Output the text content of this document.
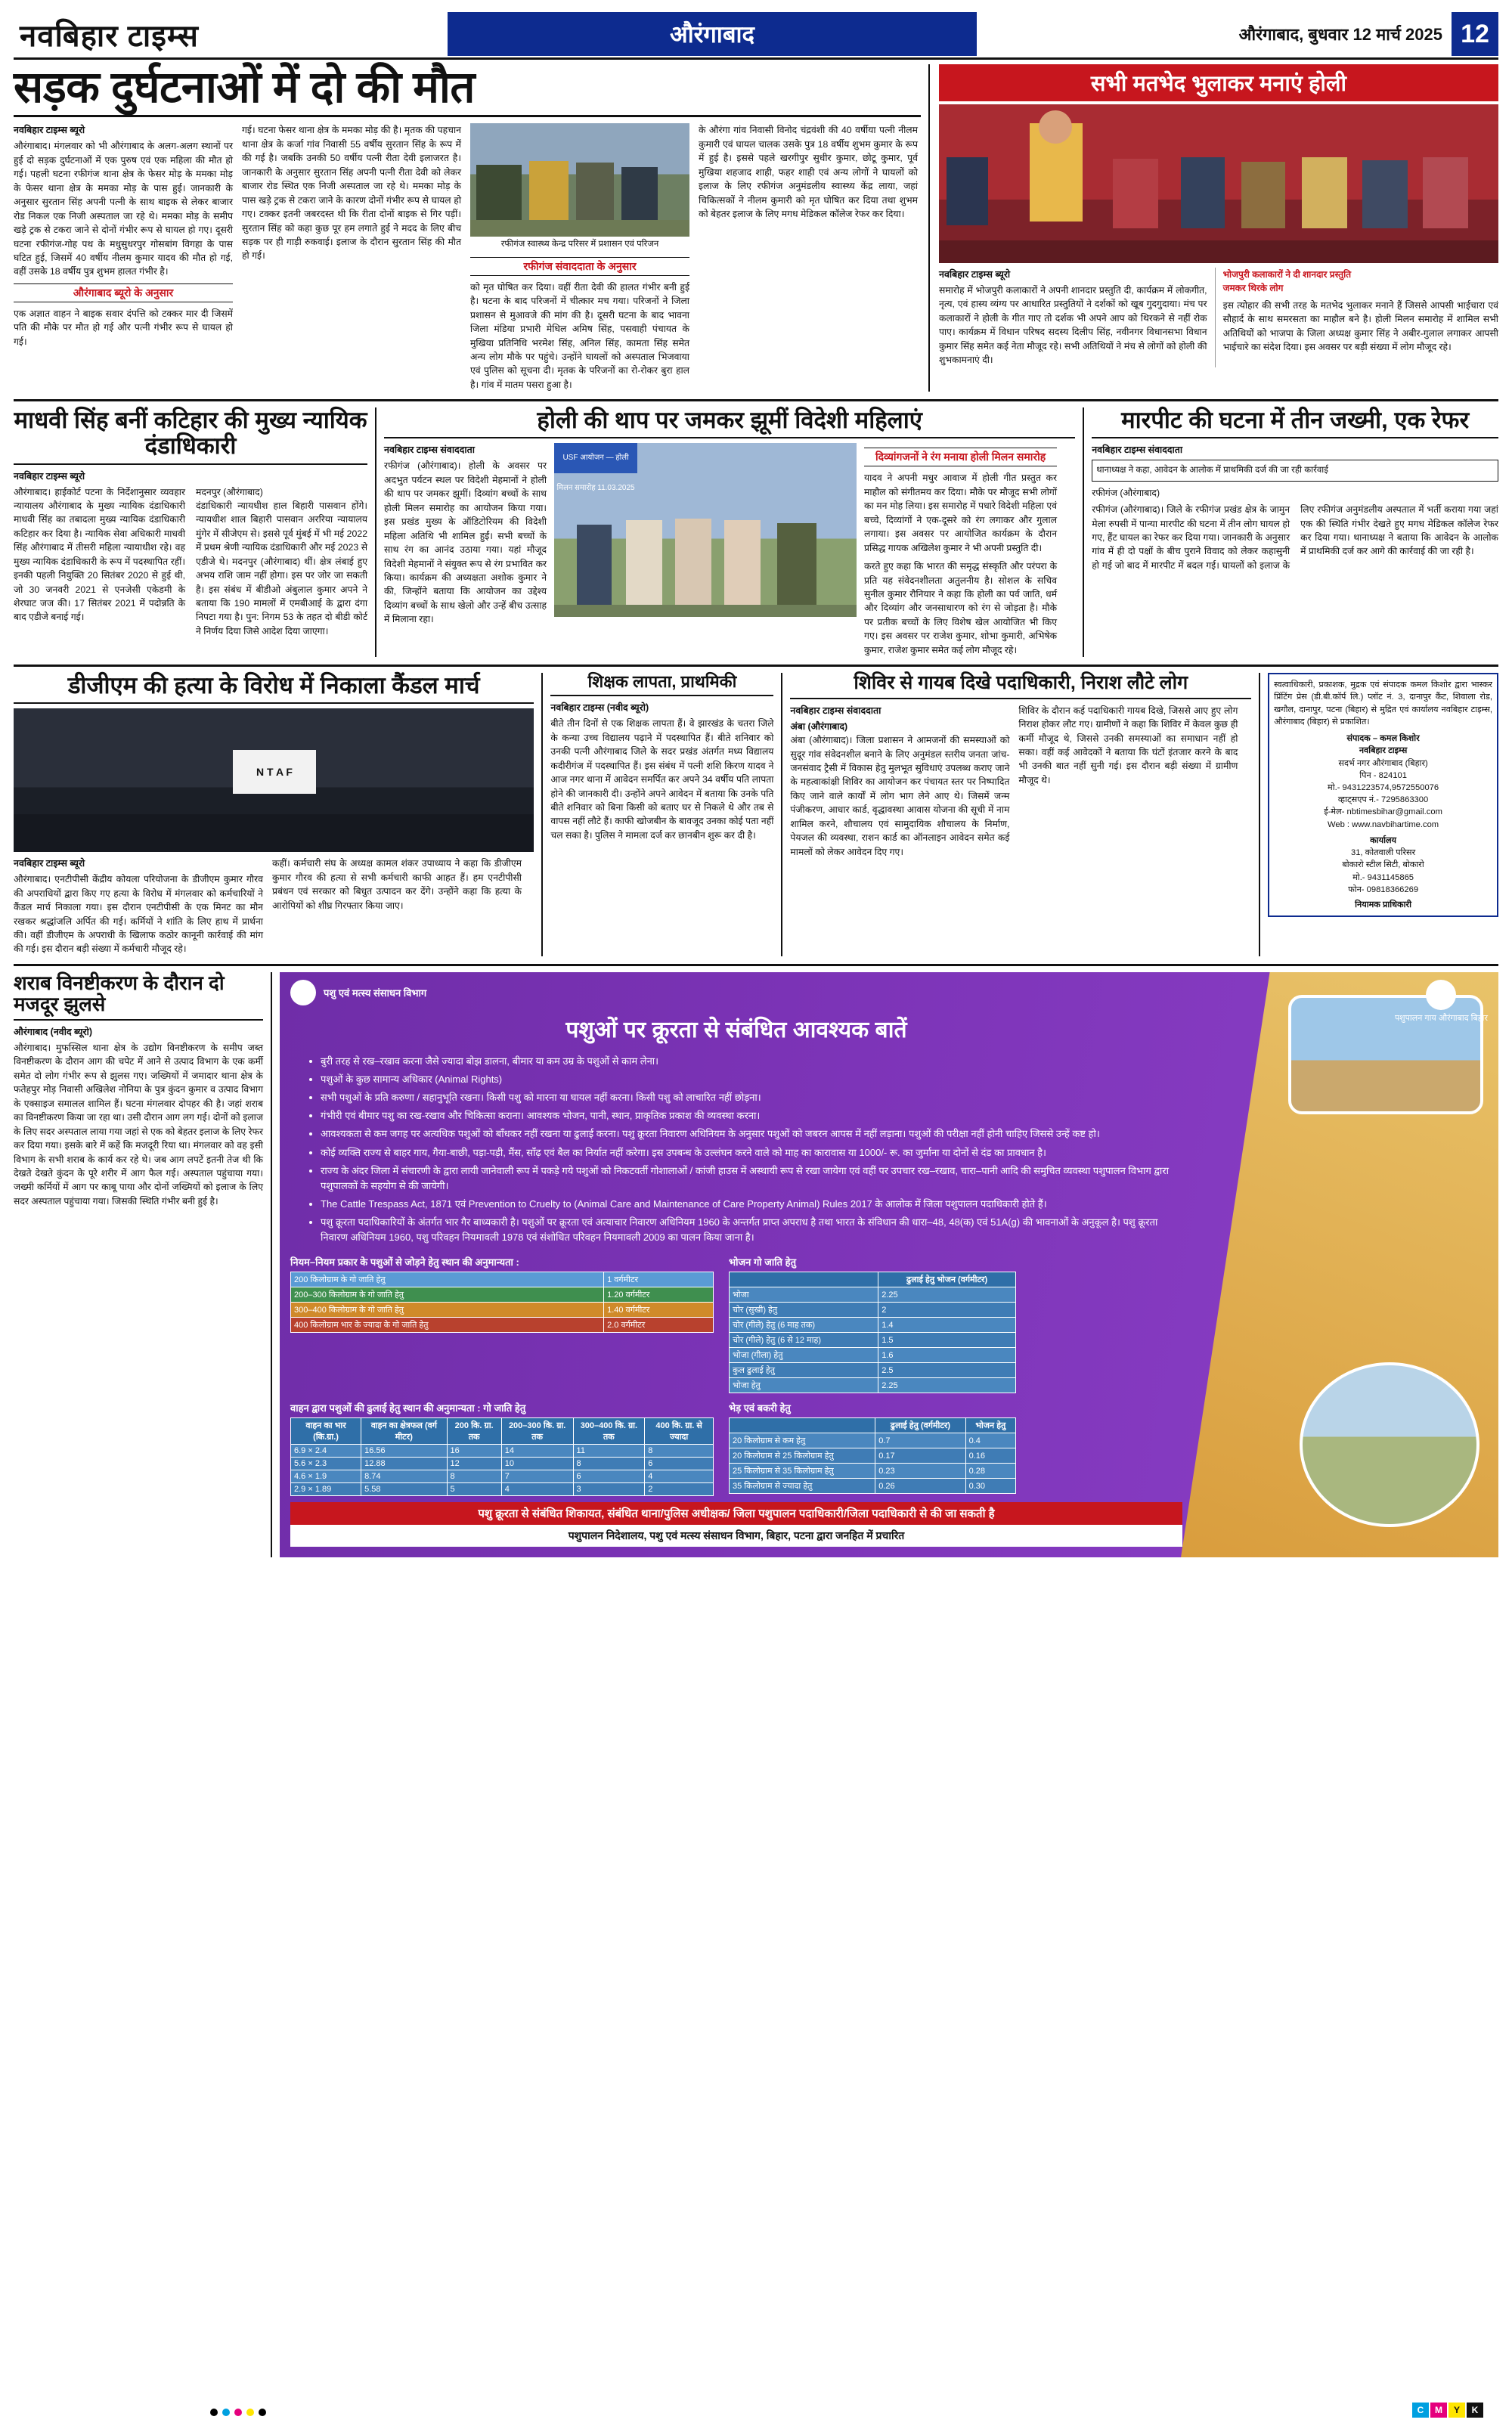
नवबिहार टाइम्स	औरंगाबाद	औरंगाबाद, बुधवार 12 मार्च 2025 12
सड़क दुर्घटनाओं में दो की मौत
नवबिहार टाइम्स ब्यूरो
औरंगाबाद। मंगलवार को भी औरंगाबाद के अलग-अलग स्थानों पर हुई दो सड़क दुर्घटनाओं में एक पुरुष एवं एक महिला की मौत हो गई। पहली घटना रफीगंज थाना क्षेत्र के फेसर मोड़ के ममका मोड़ के फेसर थाना क्षेत्र के ममका मोड़ के पास हुई। जानकारी के अनुसार सुरतान सिंह अपनी पत्नी के साथ बाइक से लेकर बाजार रोड निकल एक निजी अस्पताल जा रहे थे। ममका मोड़ के समीप खड़े ट्रक से टकरा जाने से दोनों गंभीर रूप से घायल हो गए। दूसरी घटना रफीगंज-गोह पथ के मधुसुधरपुर गोसबांग विगहा के पास घटित हुई, जिसमें 40 वर्षीय नीलम कुमार यादव की मौत हो गई, वहीं उसके 18 वर्षीय पुत्र शुभम हालत गंभीर है।
औरंगाबाद ब्यूरो के अनुसार
एक अज्ञात वाहन ने बाइक सवार दंपत्ति को टक्कर मार दी जिसमें पति की मौके पर मौत हो गई और पत्नी गंभीर रूप से घायल हो गई।
गई। घटना फेसर थाना क्षेत्र के ममका मोड़ की है। मृतक की पहचान थाना क्षेत्र के कर्जा गांव निवासी 55 वर्षीय सुरतान सिंह के रूप में की गई है। जबकि उनकी 50 वर्षीय पत्नी रीता देवी इलाजरत है। जानकारी के अनुसार सुरतान सिंह अपनी पत्नी रीता देवी को लेकर बाजार रोड स्थित एक निजी अस्पताल जा रहे थे। ममका मोड़ के पास खड़े ट्रक से टकरा जाने के कारण दोनों गंभीर रूप से घायल हो गए। टक्कर इतनी जबरदस्त थी कि रीता दोनों बाइक से गिर पड़ीं। सुरतान सिंह को कहा कुछ पूर हम लगाते हुई ने मदद के लिए बीच सड़क पर ही गाड़ी रुकवाई। इलाज के दौरान सुरतान सिंह की मौत हो गई।
रफीगंज स्वास्थ्य केन्द्र परिसर में प्रशासन एवं परिजन
रफीगंज संवाददाता के अनुसार
को मृत घोषित कर दिया। वहीं रीता देवी की हालत गंभीर बनी हुई है। घटना के बाद परिजनों में चीत्कार मच गया। परिजनों ने जिला प्रशासन से मुआवजे की मांग की है। दूसरी घटना के बाद भावना जिला मंडिया प्रभारी मेधिल अमिष सिंह, पसवाही पंचायत के मुखिया प्रतिनिधि भरमेश सिंह, अनिल सिंह, कामता सिंह समेत अन्य लोग मौके पर पहुंचे। उन्होंने घायलों को अस्पताल भिजवाया एवं पुलिस को सूचना दी। मृतक के परिजनों का रो-रोकर बुरा हाल है। गांव में मातम पसरा हुआ है।
के औरंगा गांव निवासी विनोद चंद्रवंशी की 40 वर्षीया पत्नी नीलम कुमारी एवं घायल चालक उसके पुत्र 18 वर्षीय शुभम कुमार के रूप में हुई है। इससे पहले खरगीपुर सुधीर कुमार, छोटू कुमार, पूर्व मुखिया शहजाद शाही, फहर शाही एवं अन्य लोगों ने घायलों को इलाज के लिए रफीगंज अनुमंडलीय स्वास्थ्य केंद्र लाया, जहां चिकित्सकों ने नीलम कुमारी को मृत घोषित कर दिया तथा शुभम को बेहतर इलाज के लिए मगध मेडिकल कॉलेज रेफर कर दिया।
सभी मतभेद भुलाकर मनाएं होली
नवबिहार टाइम्स ब्यूरो
समारोह में भोजपुरी कलाकारों ने अपनी शानदार प्रस्तुति दी, कार्यक्रम में लोकगीत, नृत्य, एवं हास्य व्यंग्य पर आधारित प्रस्तुतियों ने दर्शकों को खूब गुदगुदाया। मंच पर कलाकारों ने होली के गीत गाए तो दर्शक भी अपने आप को थिरकने से नहीं रोक पाए। कार्यक्रम में विधान परिषद सदस्य दिलीप सिंह, नवीनगर विधानसभा विधान कुमार सिंह समेत कई नेता मौजूद रहे। सभी अतिथियों ने मंच से लोगों को होली की शुभकामनाएं दी।
भोजपुरी कलाकारों ने दी शानदार प्रस्तुति
जमकर थिरके लोग
इस त्योहार की सभी तरह के मतभेद भुलाकर मनाने हैं जिससे आपसी भाईचारा एवं सौहार्द के साथ समरसता का माहौल बने है। होली मिलन समारोह में शामिल सभी अतिथियों को भाजपा के जिला अध्यक्ष कुमार सिंह ने अबीर-गुलाल लगाकर आपसी भाईचारे का संदेश दिया। इस अवसर पर बड़ी संख्या में लोग मौजूद रहे।
माधवी सिंह बनीं कटिहार की मुख्य न्यायिक दंडाधिकारी
नवबिहार टाइम्स ब्यूरो
औरंगाबाद। हाईकोर्ट पटना के निर्देशानुसार व्यवहार न्यायालय औरंगाबाद के मुख्य न्यायिक दंडाधिकारी माधवी सिंह का तबादला मुख्य न्यायिक दंडाधिकारी कटिहार कर दिया है। न्यायिक सेवा अधिकारी माधवी सिंह औरंगाबाद में तीसरी महिला न्यायाधीश रहे। वह मुख्य न्यायिक दंडाधिकारी के रूप में पदस्थापित रहीं। इनकी पहली नियुक्ति 20 सितंबर 2020 से हुई थी, जो 30 जनवरी 2021 से एनजेसी एकेडमी के शेरघाट जज की। 17 सितंबर 2021 में पदोन्नति के बाद एडीजे बनाई गई।
मदनपुर (औरंगाबाद)
दंडाधिकारी न्यायधीश हाल बिहारी पासवान होंगे। न्यायधीश शाल बिहारी पासवान अररिया न्यायालय मुंगेर में सीजेएम से। इससे पूर्व मुंबई में भी मई 2022 में प्रथम श्रेणी न्यायिक दंडाधिकारी और मई 2023 से एडीजे थे। मदनपुर (औरंगाबाद) थीं। क्षेत्र लंबाई हुए अभय राशि जाम नहीं होगा। इस पर जोर जा सकती है। इस संबंध में बीडीओ अंबुलाल कुमार अपने ने बताया कि 190 मामलों में एमबीआई के द्वारा दंगा निपटा गया है। पुन: निगम 53 के तहत दो बीडी कोर्ट ने निर्णय दिया जिसे आदेश दिया जाएगा।
होली की थाप पर जमकर झूमीं विदेशी महिलाएं
नवबिहार टाइम्स संवाददाता
रफीगंज (औरंगाबाद)। होली के अवसर पर अदभुत पर्यटन स्थल पर विदेशी मेहमानों ने होली की थाप पर जमकर झूमीं। दिव्यांग बच्चों के साथ होली मिलन समारोह का आयोजन किया गया। इस प्रखंड मुख्य के ऑडिटोरियम की विदेशी महिला अतिथि भी शामिल हुईं। सभी बच्चों के साथ रंग का आनंद उठाया गया। यहां मौजूद विदेशी मेहमानों ने संयुक्त रूप से रंग प्रभावित कर किया। कार्यक्रम की अध्यक्षता अशोक कुमार ने की, जिन्होंने बताया कि आयोजन का उद्देश्य दिव्यांग बच्चों के साथ खेलो और उन्हें बीच उत्साह में मिलाना रहा।
USF आयोजन — होली मिलन समारोह 11.03.2025
दिव्यांगजनों ने रंग मनाया होली मिलन समारोह
यादव ने अपनी मधुर आवाज में होली गीत प्रस्तुत कर माहौल को संगीतमय कर दिया। मौके पर मौजूद सभी लोगों का मन मोह लिया। इस समारोह में पधारे विदेशी महिला एवं बच्चे, दिव्यांगों ने एक-दूसरे को रंग लगाकर और गुलाल लगाया। इस अवसर पर आयोजित कार्यक्रम के दौरान प्रसिद्ध गायक अखिलेश कुमार ने भी अपनी प्रस्तुति दी।
करते हुए कहा कि भारत की समृद्ध संस्कृति और परंपरा के प्रति यह संवेदनशीलता अतुलनीय है। सोशल के सचिव सुनील कुमार रौनियार ने कहा कि होली का पर्व जाति, धर्म और दिव्यांग और जनसाधारण को रंग से जोड़ता है। मौके पर प्रतीक बच्चों के लिए विशेष खेल आयोजित भी किए गए। इस अवसर पर राजेश कुमार, शोभा कुमारी, अभिषेक कुमार, राजेश कुमार समेत कई लोग मौजूद रहे।
मारपीट की घटना में तीन जख्मी, एक रेफर
नवबिहार टाइम्स संवाददाता
थानाध्यक्ष ने कहा, आवेदन के आलोक में प्राथमिकी दर्ज की जा रही कार्रवाई
रफीगंज (औरंगाबाद)
रफीगंज (औरंगाबाद)। जिले के रफीगंज प्रखंड क्षेत्र के जामुन मेला रुपसी में पान्या मारपीट की घटना में तीन लोग घायल हो गए, हैंट घायल का रेफर कर दिया गया। जानकारी के अनुसार गांव में ही दो पक्षों के बीच पुराने विवाद को लेकर कहासुनी हो गई जो बाद में मारपीट में बदल गई। घायलों को इलाज के लिए रफीगंज अनुमंडलीय अस्पताल में भर्ती कराया गया जहां एक की स्थिति गंभीर देखते हुए मगध मेडिकल कॉलेज रेफर कर दिया गया। थानाध्यक्ष ने बताया कि आवेदन के आलोक में प्राथमिकी दर्ज कर आगे की कार्रवाई की जा रही है।
डीजीएम की हत्या के विरोध में निकाला कैंडल मार्च
N T A F
नवबिहार टाइम्स ब्यूरो
औरंगाबाद। एनटीपीसी केंद्रीय कोयला परियोजना के डीजीएम कुमार गौरव की अपराधियों द्वारा किए गए हत्या के विरोध में मंगलवार को कर्मचारियों ने कैंडल मार्च निकाला गया। इस दौरान एनटीपीसी के एक मिनट का मौन रखकर श्रद्धांजलि अर्पित की गई। कर्मियों ने शांति के लिए हाथ में प्रार्थना की। वहीं डीजीएम के अपराधी के खिलाफ कठोर कानूनी कार्रवाई की मांग की गई। इस दौरान बड़ी संख्या में कर्मचारी मौजूद रहे।
कहीं। कर्मचारी संघ के अध्यक्ष कामल शंकर उपाध्याय ने कहा कि डीजीएम कुमार गौरव की हत्या से सभी कर्मचारी काफी आहत हैं। हम एनटीपीसी प्रबंधन एवं सरकार को बिधुत उत्पादन कर देंगे। उन्होंने कहा कि हत्या के आरोपियों को शीघ्र गिरफ्तार किया जाए।
शिक्षक लापता, प्राथमिकी
नवबिहार टाइम्स (नवीद ब्यूरो)
बीते तीन दिनों से एक शिक्षक लापता हैं। वे झारखंड के चतरा जिले के कन्या उच्च विद्यालय पढ़ाने में पदस्थापित हैं। बीते शनिवार को उनकी पत्नी औरंगाबाद जिले के सदर प्रखंड अंतर्गत मध्य विद्यालय कदीरीगंज में पदस्थापित हैं। इस संबंध में पत्नी शशि किरण यादव ने आज नगर थाना में आवेदन समर्पित कर अपने 34 वर्षीय पति लापता होने की जानकारी दी। उन्होंने अपने आवेदन में बताया कि उनके पति बीते शनिवार को बिना किसी को बताए घर से निकले थे और तब से वापस नहीं लौटे हैं। काफी खोजबीन के बावजूद उनका कोई पता नहीं चल सका है। पुलिस ने मामला दर्ज कर छानबीन शुरू कर दी है।
शिविर से गायब दिखे पदाधिकारी, निराश लौटे लोग
नवबिहार टाइम्स संवाददाता
अंबा (औरंगाबाद)
अंबा (औरंगाबाद)। जिला प्रशासन ने आमजनों की समस्याओं को सुदूर गांव संवेदनशील बनाने के लिए अनुमंडल स्तरीय जनता जांच-जनसंवाद ट्रैसी में विकास हेतु मुलभूत सुविधाएं उपलब्ध कराए जाने के महत्वाकांक्षी शिविर का आयोजन कर पंचायत स्तर पर निष्पादित किए जाने वाले कार्यों में लोग भाग लेने आए थे। जिसमें जन्म पंजीकरण, आधार कार्ड, वृद्धावस्था आवास योजना की सूची में नाम शामिल करने, शौचालय एवं सामुदायिक शौचालय के निर्माण, पेयजल की व्यवस्था, राशन कार्ड का ऑनलाइन आवेदन समेत कई मामलों को लेकर आवेदन दिए गए।
शिविर के दौरान कई पदाधिकारी गायब दिखे, जिससे आए हुए लोग निराश होकर लौट गए। ग्रामीणों ने कहा कि शिविर में केवल कुछ ही कर्मी मौजूद थे, जिससे उनकी समस्याओं का समाधान नहीं हो सका। वहीं कई आवेदकों ने बताया कि घंटों इंतजार करने के बाद भी उनकी बात नहीं सुनी गई। इस दौरान बड़ी संख्या में ग्रामीण मौजूद थे।
स्वत्वाधिकारी, प्रकाशक, मुद्रक एवं संपादक कमल किशोर द्वारा भास्कर प्रिंटिंग प्रेस (डी.बी.कॉर्प लि.) प्लॉट नं. 3, दानापुर कैंट, शिवाला रोड, खगौल, दानापुर, पटना (बिहार) से मुद्रित एवं कार्यालय नवबिहार टाइम्स, औरंगाबाद (बिहार) से प्रकाशित।
संपादक – कमल किशोर
नवबिहार टाइम्स
सदर्भ नगर औरंगाबाद (बिहार)
पिन - 824101
मो.- 9431223574,9572550076
व्हाट्सएप नं.- 7295863300
ई-मेल- nbtimesbihar@gmail.com
Web : www.navbihartime.com
कार्यालय
31, कोतवाली परिसर
बोकारो स्टील सिटी, बोकारो
मो.- 9431145865
फोन- 09818366269
नियामक प्राधिकारी
शराब विनष्टीकरण के दौरान दो मजदूर झुलसे
औरंगाबाद (नवीद ब्यूरो)
औरंगाबाद। मुफस्सिल थाना क्षेत्र के उद्योग विनष्टीकरण के समीप जब्त विनष्टीकरण के दौरान आग की चपेट में आने से उत्पाद विभाग के एक कर्मी समेत दो लोग गंभीर रूप से झुलस गए। जख्मियों में जमादार थाना क्षेत्र के फतेहपुर मोड़ निवासी अखिलेश नोनिया के पुत्र कुंदन कुमार व उत्पाद विभाग के एक्साइज समालल शामिल हैं। घटना मंगलवार दोपहर की है। जहां शराब का विनष्टीकरण किया जा रहा था। उसी दौरान आग लग गई। दोनों को इलाज के लिए सदर अस्पताल लाया गया जहां से एक को बेहतर इलाज के लिए रेफर कर दिया गया। इसके बारे में कहें कि मजदूरी रिया था। मंगलवार को वह इसी विभाग के सभी शराब के कार्य कर रहे थे। जब आग लपटें इतनी तेज थी कि देखते देखते कुंदन के पूरे शरीर में आग फैल गई। अस्पताल पहुंचाया गया। जख्मी कर्मियों में आग पर काबू पाया और दोनों जख्मियों को इलाज के लिए सदर अस्पताल पहुंचाया गया। जिसकी स्थिति गंभीर बनी हुई है।
पशु एवं मत्स्य संसाधन विभाग
पशुओं पर क्रूरता से संबंधित आवश्यक बातें
• बुरी तरह से रख–रखाव करना जैसे ज्यादा बोझ डालना, बीमार या कम उम्र के पशुओं से काम लेना।
• पशुओं के कुछ सामान्य अधिकार (Animal Rights)
• सभी पशुओं के प्रति करुणा / सहानुभूति रखना। किसी पशु को मारना या घायल नहीं करना। किसी पशु को लाचारित नहीं छोड़ना।
• गंभीरी एवं बीमार पशु का रख-रखाव और चिकित्सा कराना। आवश्यक भोजन, पानी, स्थान, प्राकृतिक प्रकाश की व्यवस्था करना।
• आवश्यकता से कम जगह पर अत्यधिक पशुओं को बाँधकर नहीं रखना या ढुलाई करना। पशु क्रूरता निवारण अधिनियम के अनुसार पशुओं को जबरन आपस में नहीं लड़ाना। पशुओं की परीक्षा नहीं होनी चाहिए जिससे उन्हें कष्ट हो।
• कोई व्यक्ति राज्य से बाहर गाय, गैया-बाछी, पड़ा-पड़ी, मैंस, साँढ़ एवं बैल का निर्यात नहीं करेगा। इस उपबन्ध के उल्लंघन करने वाले को माह का कारावास या 1000/- रू. का जुर्माना या दोनों से दंड का प्रावधान है।
• राज्य के अंदर जिला में संचारणी के द्वारा लायी जानेवाली रूप में पकड़े गये पशुओं को निकटवर्ती गोशालाओं / कांजी हाउस में अस्थायी रूप से रखा जायेगा एवं वहीं पर उपचार रख–रखाव, चारा–पानी आदि की समुचित व्यवस्था पशुपालन विभाग द्वारा पशुपालकों के सहयोग से की जायेगी।
• The Cattle Trespass Act, 1871 एवं Prevention to Cruelty to (Animal Care and Maintenance of Care Property Animal) Rules 2017 के आलोक में जिला पशुपालन पदाधिकारी होते हैं।
• पशु क्रूरता पदाधिकारियों के अंतर्गत भार गैर बाध्यकारी है। पशुओं पर क्रूरता एवं अत्याचार निवारण अधिनियम 1960 के अन्तर्गत प्राप्त अपराध है तथा भारत के संविधान की धारा–48, 48(क) एवं 51A(g) की भावनाओं के अनुकूल है। पशु क्रूरता निवारण अधिनियम 1960, पशु परिवहन नियमावली 1978 एवं संशोधित परिवहन नियमावली 2009 का पालन किया जाना है।
नियम–नियम प्रकार के पशुओं से जोड़ने हेतु स्थान की अनुमान्यता :
200 किलोग्राम के गो जाति हेतु	1 वर्गमीटर
200–300 किलोग्राम के गो जाति हेतु	1.20 वर्गमीटर
300–400 किलोग्राम के गो जाति हेतु	1.40 वर्गमीटर
400 किलोग्राम भार के ज्यादा के गो जाति हेतु	2.0 वर्गमीटर
भोजन गो जाति हेतु
	ढुलाई हेतु भोजन (वर्गमीटर)
भोजा	2.25
चोर (सुखी) हेतु	2
चोर (गीले) हेतु (6 माह तक)	1.4
चोर (गीले) हेतु (6 से 12 माह)	1.5
भोजा (गीला) हेतु	1.6
कुल ढुलाई हेतु	2.5
भोजा हेतु	2.25
वाहन द्वारा पशुओं की ढुलाई हेतु स्थान की अनुमान्यता : गो जाति हेतु
वाहन का भार (कि.ग्रा.)	वाहन का क्षेत्रफल (वर्ग मीटर)	200 कि. ग्रा. तक	200–300 कि. ग्रा. तक	300–400 कि. ग्रा. तक	400 कि. ग्रा. से ज्यादा
6.9 × 2.4	16.56	16	14	11	8
5.6 × 2.3	12.88	12	10	8	6
4.6 × 1.9	8.74	8	7	6	4
2.9 × 1.89	5.58	5	4	3	2
भेड़ एवं बकरी हेतु
	ढुलाई हेतु (वर्गमीटर)	भोजन हेतु
20 किलोग्राम से कम हेतु	0.7	0.4
20 किलोग्राम से 25 किलोग्राम हेतु	0.17	0.16
25 किलोग्राम से 35 किलोग्राम हेतु	0.23	0.28
35 किलोग्राम से ज्यादा हेतु	0.26	0.30
पशु क्रूरता से संबंधित शिकायत, संबंधित थाना/पुलिस अधीक्षक/ जिला पशुपालन पदाधिकारी/जिला पदाधिकारी से की जा सकती है
पशुपालन निदेशालय, पशु एवं मत्स्य संसाधन विभाग, बिहार, पटना द्वारा जनहित में प्रचारित
पशुपालन गाय औरंगाबाद बिहार
C	M	Y	K
